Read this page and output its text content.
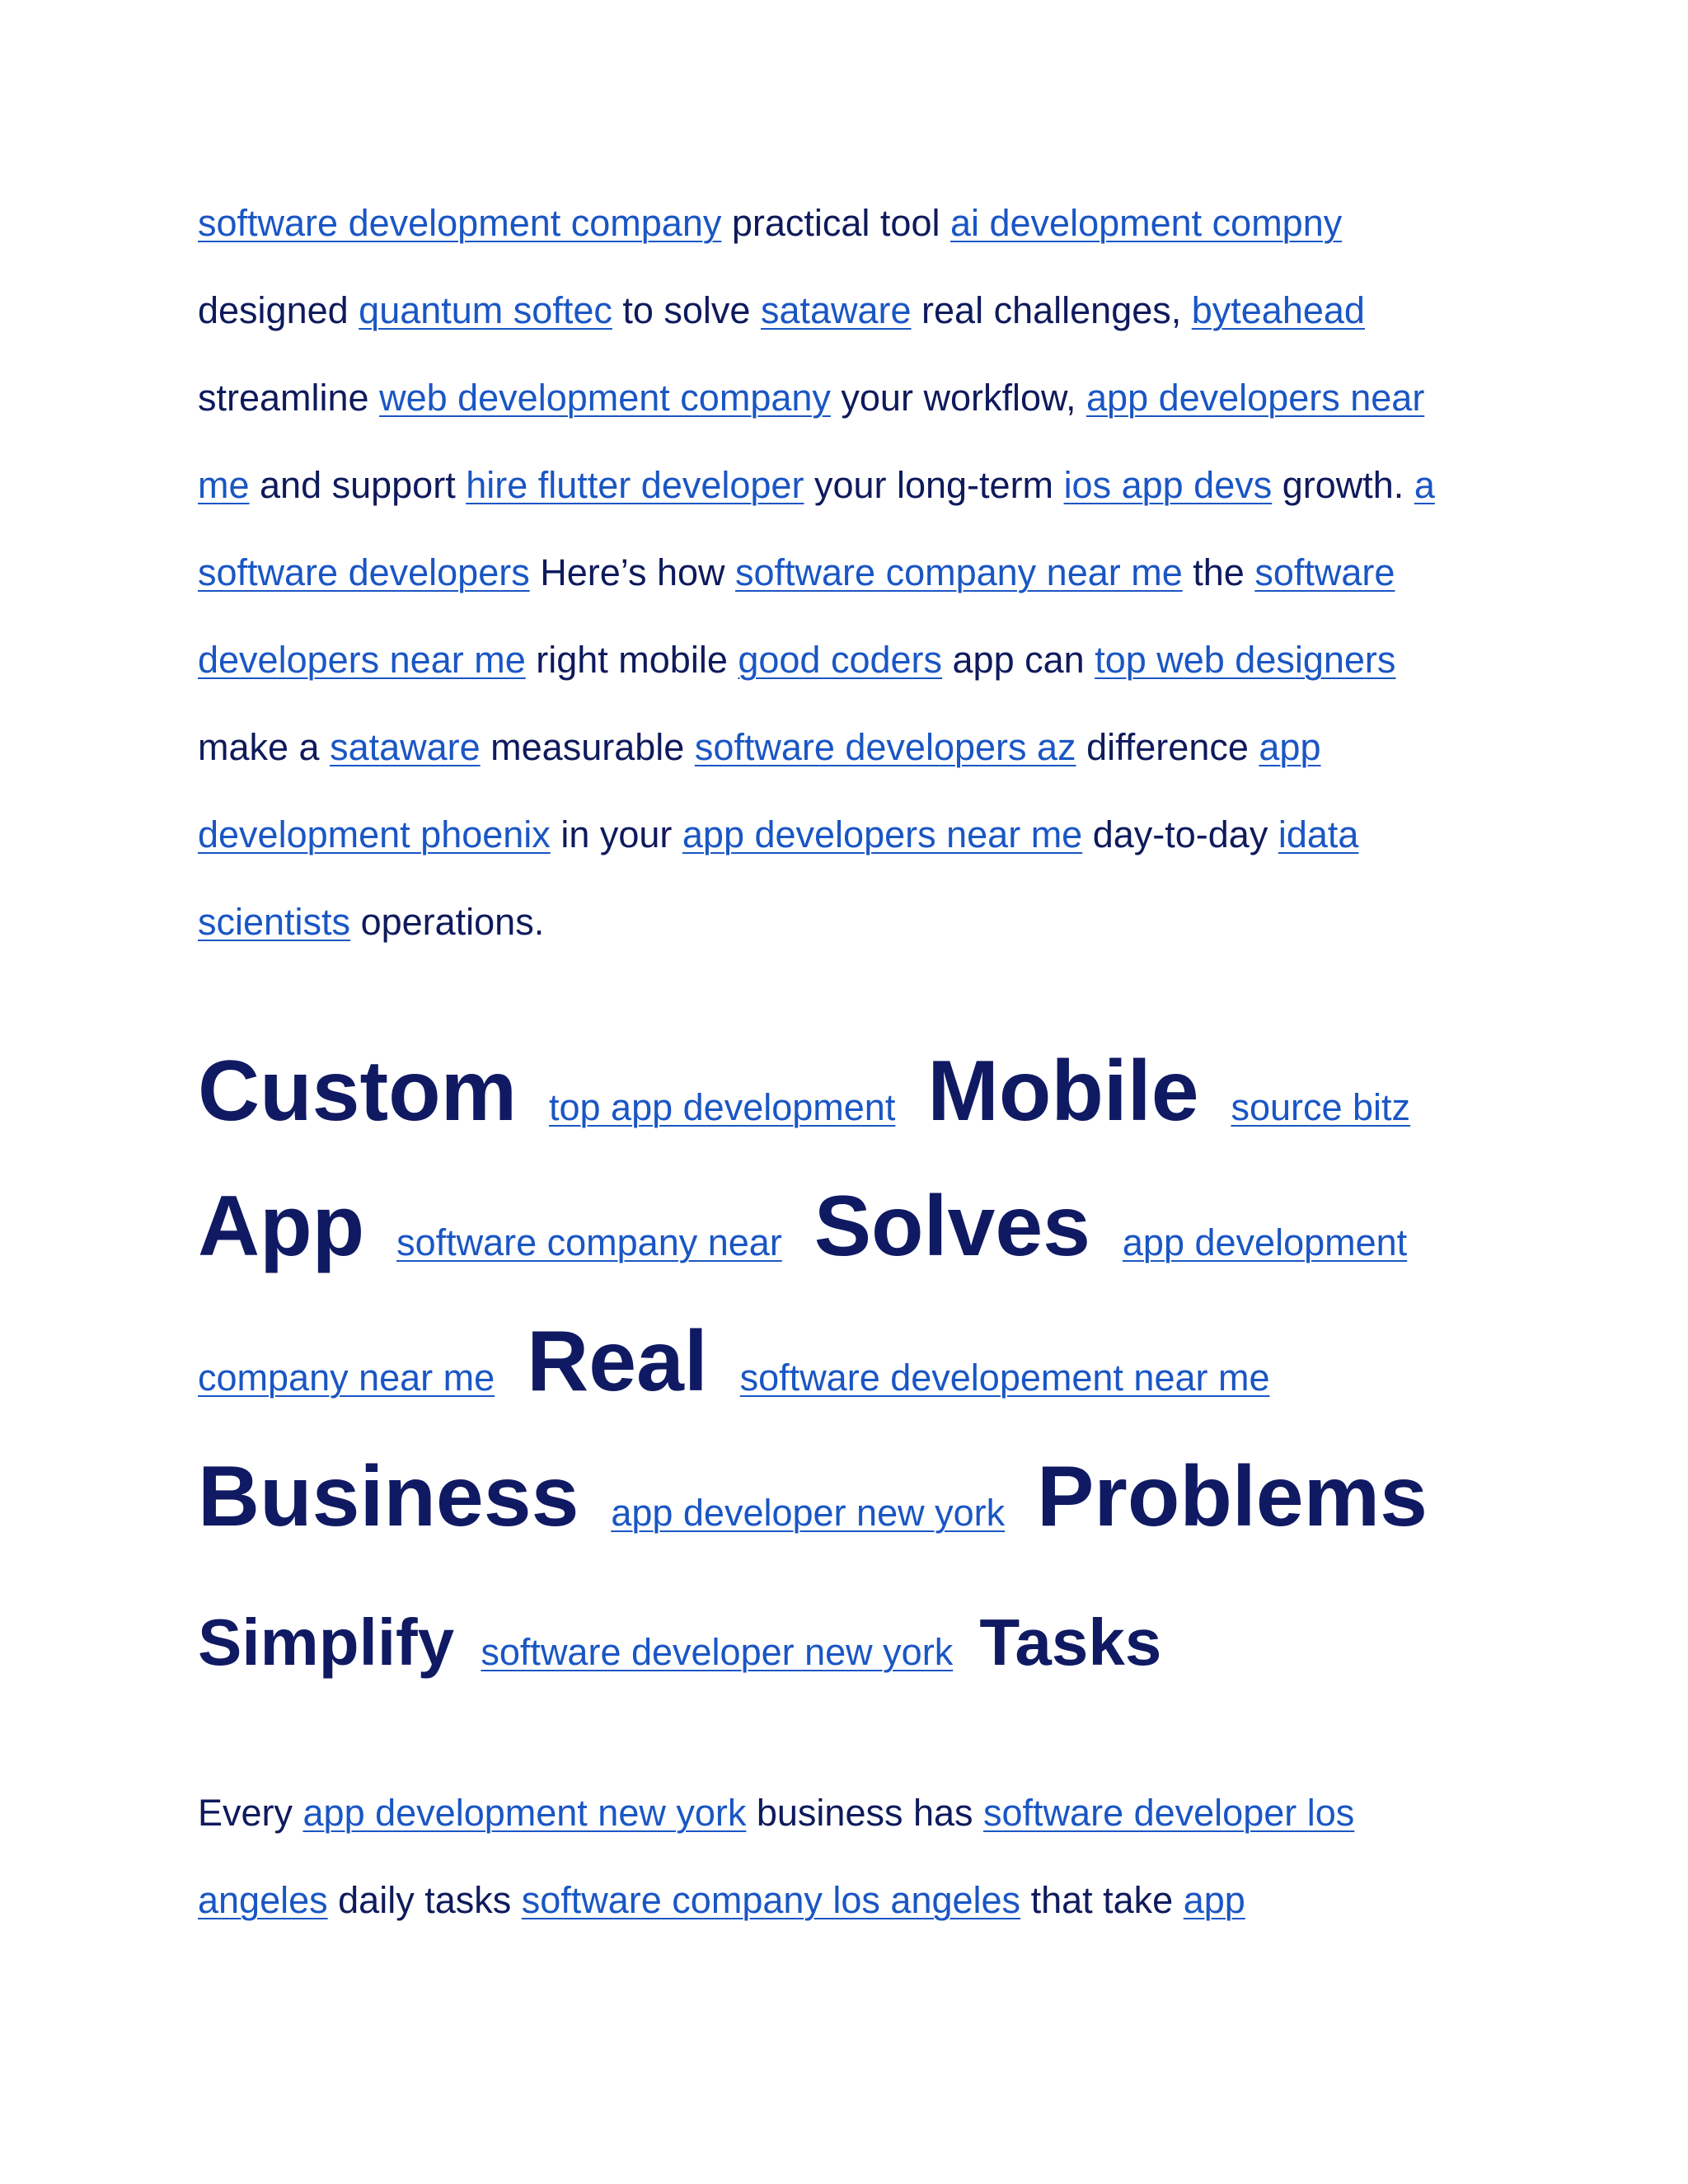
software development company practical tool ai development compny designed quantum softec to solve sataware real challenges, byteahead streamline web development company your workflow, app developers near me and support hire flutter developer your long-term ios app devs growth. a software developers Here’s how software company near me the software developers near me right mobile good coders app can top web designers make a sataware measurable software developers az difference app development phoenix in your app developers near me day-to-day idata scientists operations.

Custom top app development Mobile source bitz App software company near Solves app development company near me Real software developement near me Business app developer new york Problems
Simplify software developer new york Tasks

Every app development new york business has software developer los angeles daily tasks software company los angeles that take app
